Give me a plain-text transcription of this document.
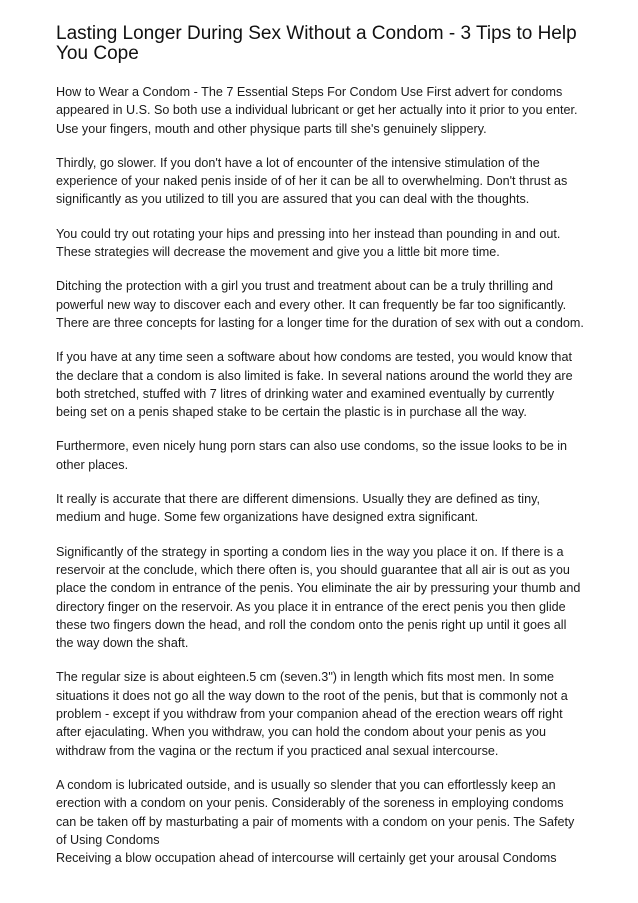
Lasting Longer During Sex Without a Condom - 3 Tips to Help You Cope

How to Wear a Condom - The 7 Essential Steps For Condom Use First advert for condoms appeared in U.S. So both use a individual lubricant or get her actually into it prior to you enter. Use your fingers, mouth and other physique parts till she's genuinely slippery.

Thirdly, go slower. If you don't have a lot of encounter of the intensive stimulation of the experience of your naked penis inside of of her it can be all to overwhelming. Don't thrust as significantly as you utilized to till you are assured that you can deal with the thoughts.

You could try out rotating your hips and pressing into her instead than pounding in and out. These strategies will decrease the movement and give you a little bit more time.

Ditching the protection with a girl you trust and treatment about can be a truly thrilling and powerful new way to discover each and every other. It can frequently be far too significantly. There are three concepts for lasting for a longer time for the duration of sex with out a condom.

If you have at any time seen a software about how condoms are tested, you would know that the declare that a condom is also limited is fake. In several nations around the world they are both stretched, stuffed with 7 litres of drinking water and examined eventually by currently being set on a penis shaped stake to be certain the plastic is in purchase all the way.

Furthermore, even nicely hung porn stars can also use condoms, so the issue looks to be in other places.

It really is accurate that there are different dimensions. Usually they are defined as tiny, medium and huge. Some few organizations have designed extra significant.

Significantly of the strategy in sporting a condom lies in the way you place it on. If there is a reservoir at the conclude, which there often is, you should guarantee that all air is out as you place the condom in entrance of the penis. You eliminate the air by pressuring your thumb and directory finger on the reservoir. As you place it in entrance of the erect penis you then glide these two fingers down the head, and roll the condom onto the penis right up until it goes all the way down the shaft.

The regular size is about eighteen.5 cm (seven.3") in length which fits most men. In some situations it does not go all the way down to the root of the penis, but that is commonly not a problem - except if you withdraw from your companion ahead of the erection wears off right after ejaculating. When you withdraw, you can hold the condom about your penis as you withdraw from the vagina or the rectum if you practiced anal sexual intercourse.

A condom is lubricated outside, and is usually so slender that you can effortlessly keep an erection with a condom on your penis. Considerably of the soreness in employing condoms can be taken off by masturbating a pair of moments with a condom on your penis. The Safety of Using Condoms

Receiving a blow occupation ahead of intercourse will certainly get your arousal Condoms
